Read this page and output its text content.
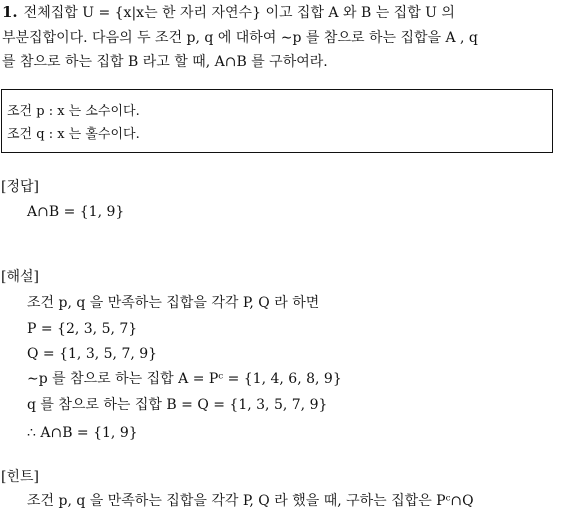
1. 전체집합 U = {x|x는 한 자리 자연수} 이고 집합 A 와 B 는 집합 U 의
부분집합이다. 다음의 두 조건 p, q 에 대하여 ∼p 를 참으로 하는 집합을 A , q
를 참으로 하는 집합 B 라고 할 때, A∩B 를 구하여라.
조건 p : x 는 소수이다.
조건 q : x 는 홀수이다.
[정답]
A∩B = {1, 9}
[해설]
조건 p, q 을 만족하는 집합을 각각 P, Q 라 하면
P = {2, 3, 5, 7}
Q = {1, 3, 5, 7, 9}
∼p 를 참으로 하는 집합 A = Pᶜ = {1, 4, 6, 8, 9}
q 를 참으로 하는 집합 B = Q = {1, 3, 5, 7, 9}
∴ A∩B = {1, 9}
[힌트]
조건 p, q 을 만족하는 집합을 각각 P, Q 라 했을 때, 구하는 집합은 Pᶜ∩Q
